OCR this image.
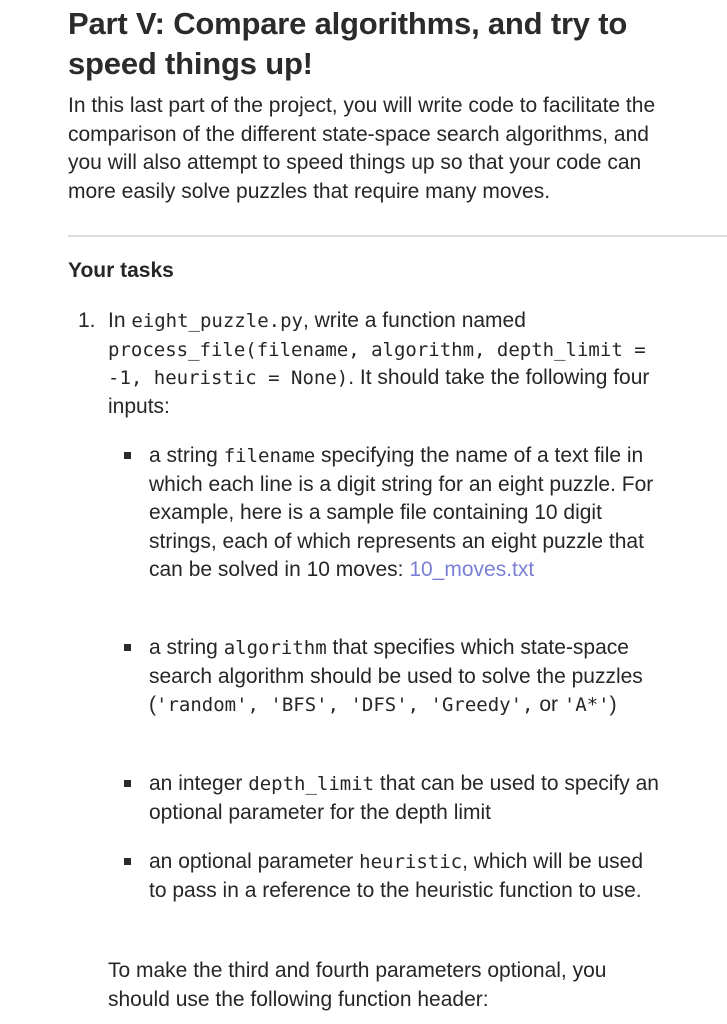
Part V: Compare algorithms, and try to speed things up!

In this last part of the project, you will write code to facilitate the comparison of the different state-space search algorithms, and you will also attempt to speed things up so that your code can more easily solve puzzles that require many moves.

Your tasks
1. In eight_puzzle.py, write a function named process_file(filename, algorithm, depth_limit = -1, heuristic = None). It should take the following four inputs:
a string filename specifying the name of a text file in which each line is a digit string for an eight puzzle. For example, here is a sample file containing 10 digit strings, each of which represents an eight puzzle that can be solved in 10 moves: 10_moves.txt
a string algorithm that specifies which state-space search algorithm should be used to solve the puzzles ('random', 'BFS', 'DFS', 'Greedy', or 'A*')
an integer depth_limit that can be used to specify an optional parameter for the depth limit
an optional parameter heuristic, which will be used to pass in a reference to the heuristic function to use.

To make the third and fourth parameters optional, you should use the following function header:
